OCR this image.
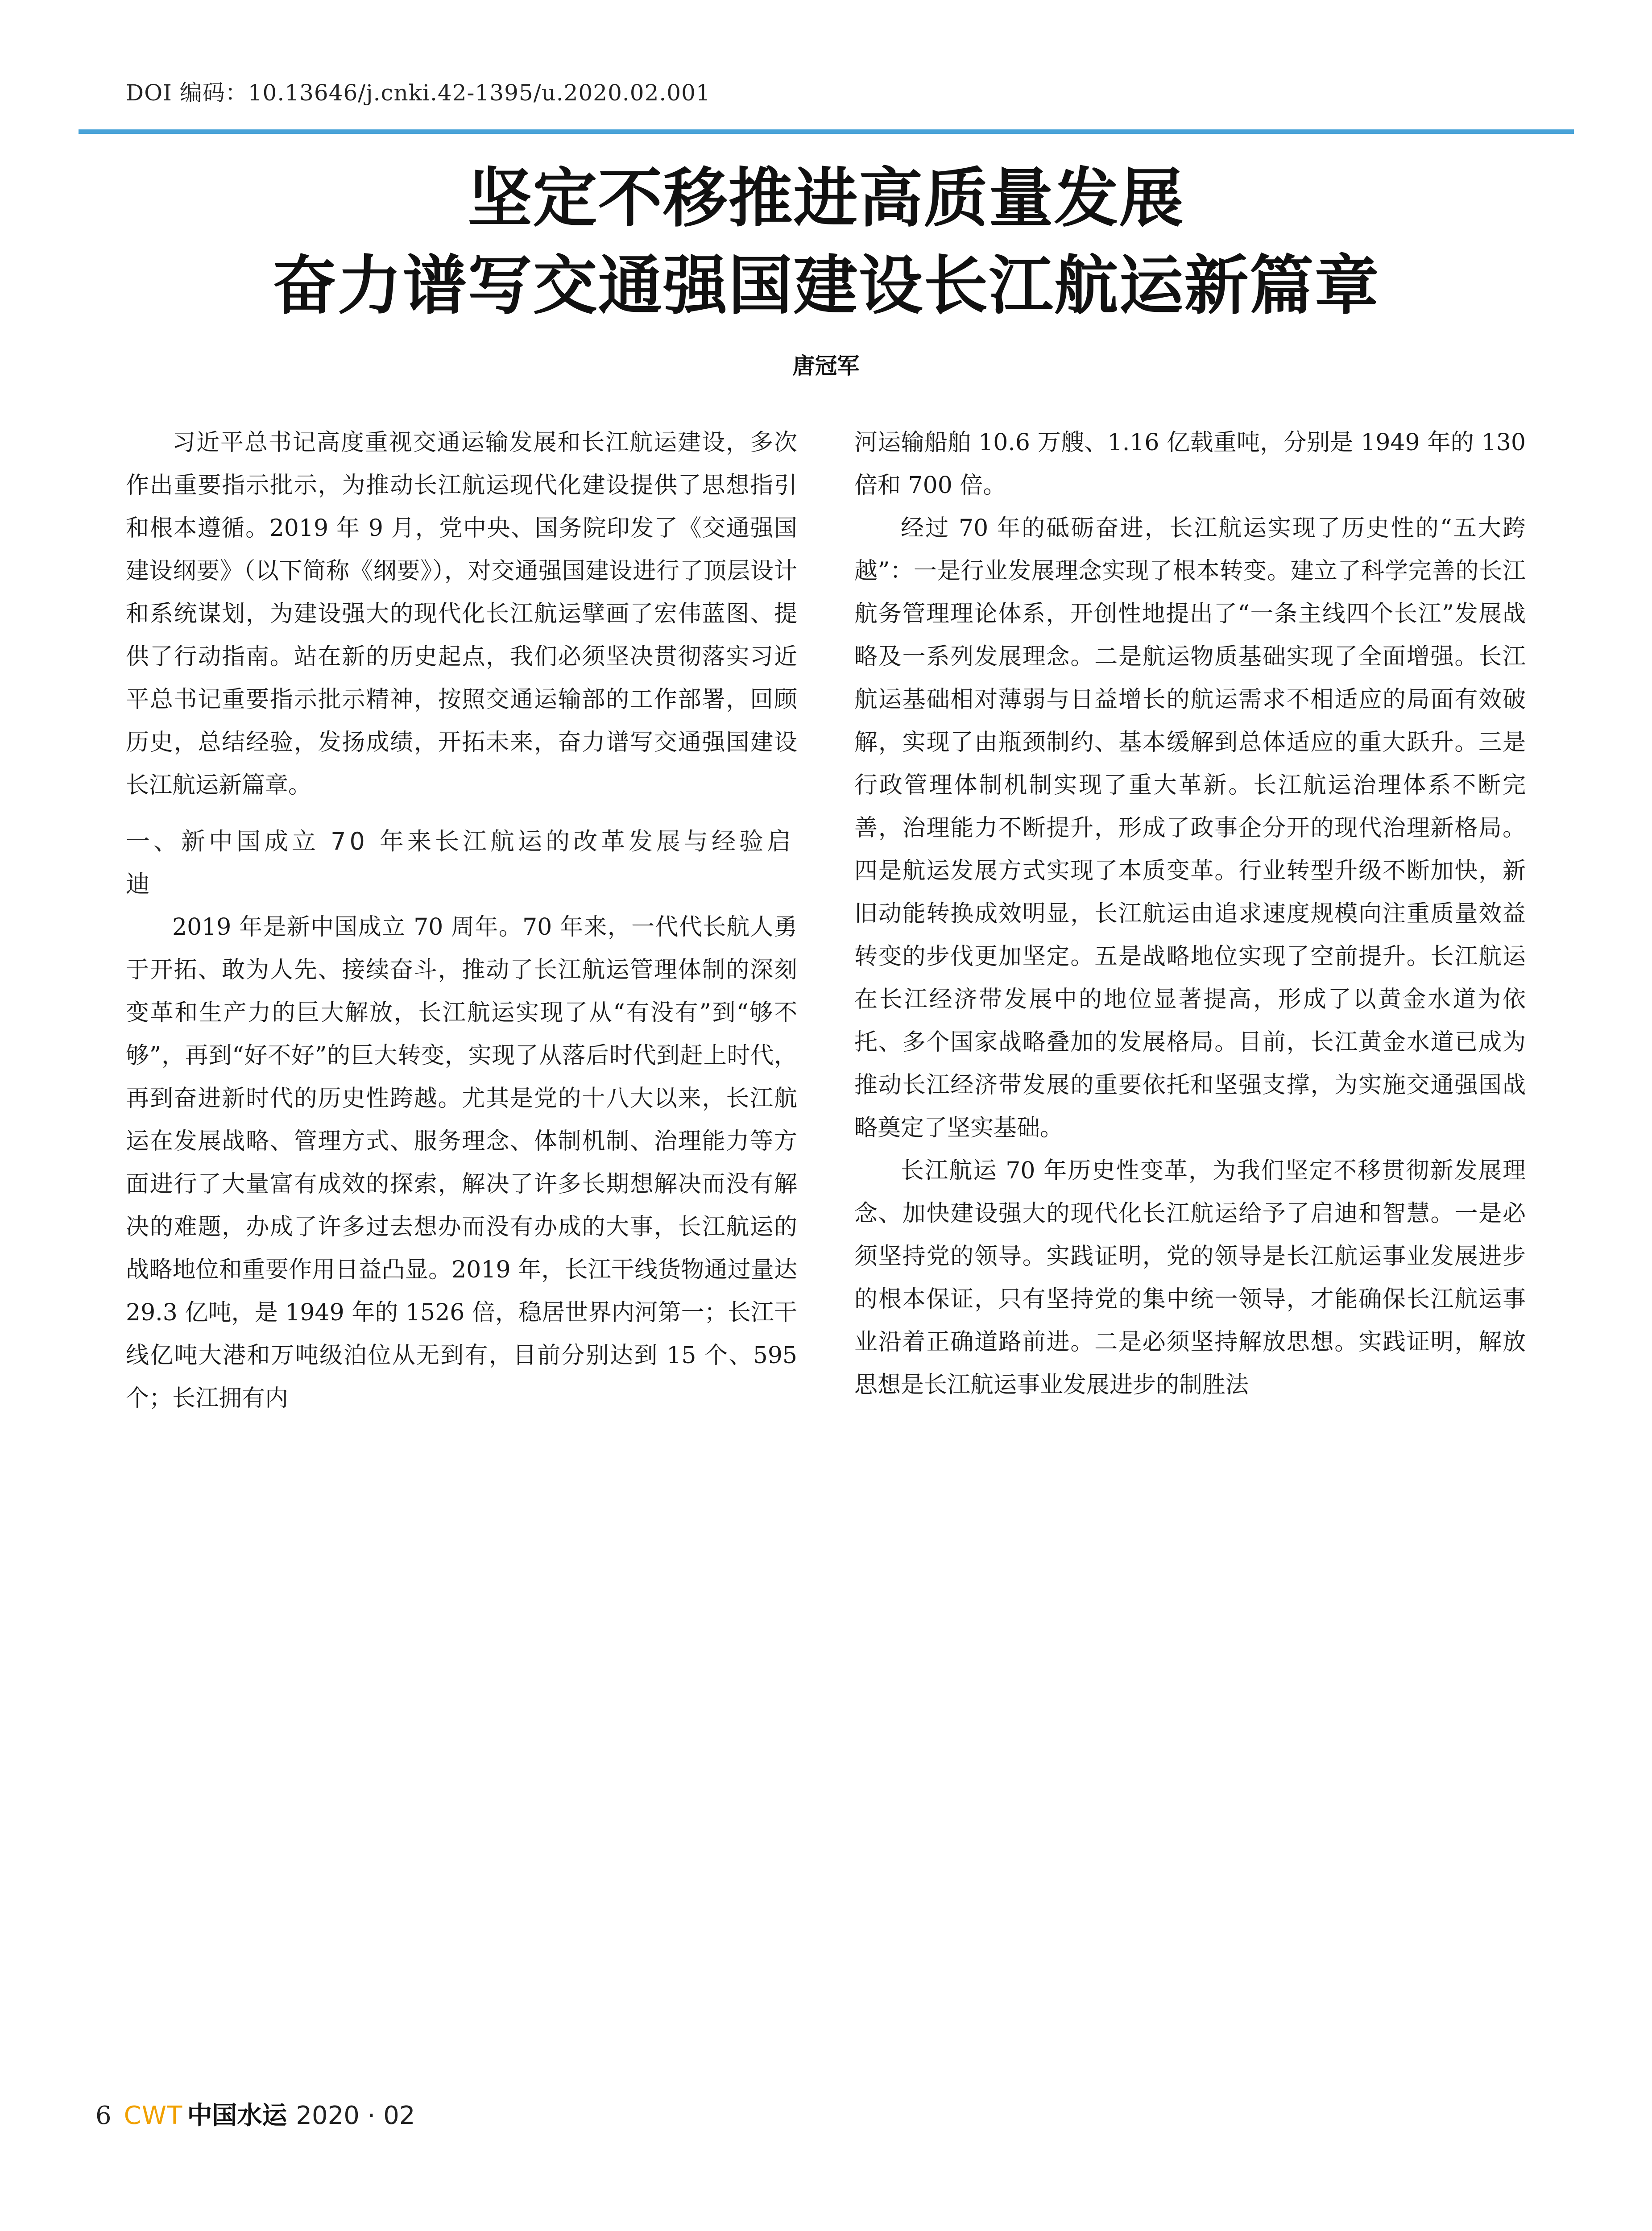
DOI 编码：10.13646/j.cnki.42-1395/u.2020.02.001
坚定不移推进高质量发展
奋力谱写交通强国建设长江航运新篇章
唐冠军

习近平总书记高度重视交通运输发展和长江航运建设，多次作出重要指示批示，为推动长江航运现代化建设提供了思想指引和根本遵循。2019 年 9 月，党中央、国务院印发了《交通强国建设纲要》（以下简称《纲要》），对交通强国建设进行了顶层设计和系统谋划，为建设强大的现代化长江航运擘画了宏伟蓝图、提供了行动指南。站在新的历史起点，我们必须坚决贯彻落实习近平总书记重要指示批示精神，按照交通运输部的工作部署，回顾历史，总结经验，发扬成绩，开拓未来，奋力谱写交通强国建设长江航运新篇章。

一、新中国成立 70 年来长江航运的改革发展与经验启迪

2019 年是新中国成立 70 周年。70 年来，一代代长航人勇于开拓、敢为人先、接续奋斗，推动了长江航运管理体制的深刻变革和生产力的巨大解放，长江航运实现了从“有没有”到“够不够”，再到“好不好”的巨大转变，实现了从落后时代到赶上时代，再到奋进新时代的历史性跨越。尤其是党的十八大以来，长江航运在发展战略、管理方式、服务理念、体制机制、治理能力等方面进行了大量富有成效的探索，解决了许多长期想解决而没有解决的难题，办成了许多过去想办而没有办成的大事，长江航运的战略地位和重要作用日益凸显。2019 年，长江干线货物通过量达 29.3 亿吨，是 1949 年的 1526 倍，稳居世界内河第一；长江干线亿吨大港和万吨级泊位从无到有，目前分别达到 15 个、595 个；长江拥有内

河运输船舶 10.6 万艘、1.16 亿载重吨，分别是 1949 年的 130 倍和 700 倍。

经过 70 年的砥砺奋进，长江航运实现了历史性的“五大跨越”：一是行业发展理念实现了根本转变。建立了科学完善的长江航务管理理论体系，开创性地提出了“一条主线四个长江”发展战略及一系列发展理念。二是航运物质基础实现了全面增强。长江航运基础相对薄弱与日益增长的航运需求不相适应的局面有效破解，实现了由瓶颈制约、基本缓解到总体适应的重大跃升。三是行政管理体制机制实现了重大革新。长江航运治理体系不断完善，治理能力不断提升，形成了政事企分开的现代治理新格局。四是航运发展方式实现了本质变革。行业转型升级不断加快，新旧动能转换成效明显，长江航运由追求速度规模向注重质量效益转变的步伐更加坚定。五是战略地位实现了空前提升。长江航运在长江经济带发展中的地位显著提高，形成了以黄金水道为依托、多个国家战略叠加的发展格局。目前，长江黄金水道已成为推动长江经济带发展的重要依托和坚强支撑，为实施交通强国战略奠定了坚实基础。

长江航运 70 年历史性变革，为我们坚定不移贯彻新发展理念、加快建设强大的现代化长江航运给予了启迪和智慧。一是必须坚持党的领导。实践证明，党的领导是长江航运事业发展进步的根本保证，只有坚持党的集中统一领导，才能确保长江航运事业沿着正确道路前进。二是必须坚持解放思想。实践证明，解放思想是长江航运事业发展进步的制胜法

6 CWT 中国水运 2020 · 02
